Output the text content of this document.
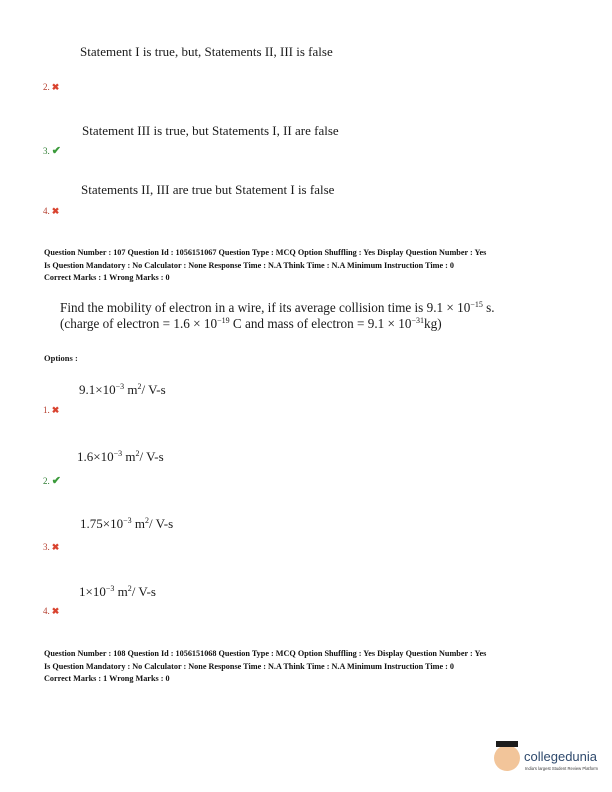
Statement I is true, but, Statements II, III is false
2. ✖
Statement III is true, but Statements I, II are false
3. ✔
Statements II, III are true but Statement I is false
4. ✖
Question Number : 107 Question Id : 1056151067 Question Type : MCQ Option Shuffling : Yes Display Question Number : Yes
Is Question Mandatory : No Calculator : None Response Time : N.A Think Time : N.A Minimum Instruction Time : 0
Correct Marks : 1 Wrong Marks : 0
Find the mobility of electron in a wire, if its average collision time is $9.1 \times 10^{-15}$ s.
(charge of electron = $1.6 \times 10^{-19}$ C and mass of electron = $9.1 \times 10^{-31}kg$)
Options :
$9.1\times 10^{-3}$ $m^2/$ V-s
1. ✖
$1.6\times 10^{-3}$ $m^2/$ V-s
2. ✔
$1.75\times 10^{-3}$ $m^2/$ V-s
3. ✖
$1\times 10^{-3}$ $m^2/$ V-s
4. ✖
Question Number : 108 Question Id : 1056151068 Question Type : MCQ Option Shuffling : Yes Display Question Number : Yes
Is Question Mandatory : No Calculator : None Response Time : N.A Think Time : N.A Minimum Instruction Time : 0
Correct Marks : 1 Wrong Marks : 0
collegedunia
India's largest Student Review Platform
